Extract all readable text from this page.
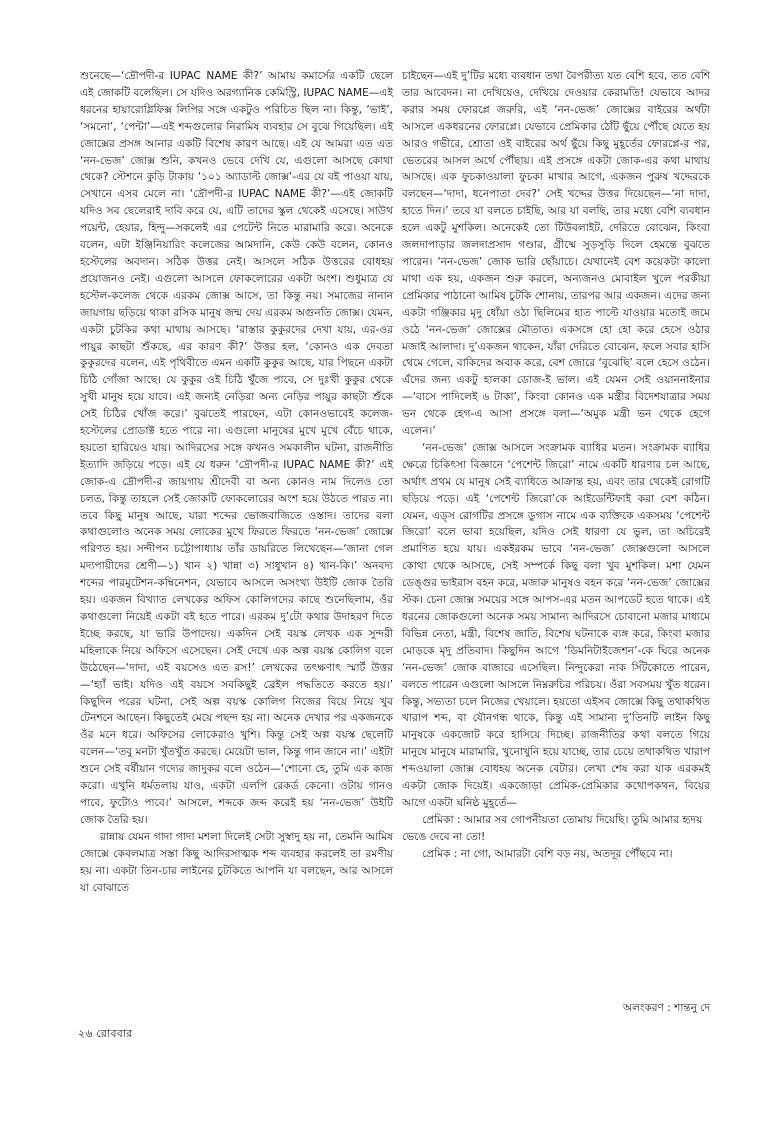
শুনেছে—‘দ্রৌপদী-র IUPAC NAME কী?’ আমায় কমার্সের একটি ছেলে এই জোকটি বলেছিল। সে যদিও অরগ্যানিক কেমিস্ট্রি, IUPAC NAME—এই ধরনের হায়ারোগ্লিফিক্স লিপির সঙ্গে একটুও পরিচিত ছিল না। কিন্তু, ‘ভাই’, ‘সমনো’, ‘পেন্টা’—এই শব্দগুলোর নিরামিষ ব্যবহার সে বুঝে গিয়েছিল। এই জোক্সের প্রসঙ্গ আনার একটি বিশেষ কারণ আছে। এই যে আমরা এত এত ‘নন-ভেজ’ জোক্স শুনি, কখনও ভেবে দেখি যে, এগুলো আসছে কোথা থেকে? স্টেশনে কুড়ি টাকায় ‘১০১ অ্যাডাল্ট জোক্স’-এর যে বই পাওয়া যায়, সেখানে এসব মেলে না। ‘দ্রৌপদী-র IUPAC NAME কী?’—এই জোকটি যদিও সব ছেলেরাই দাবি করে যে, এটি তাদের স্কুল থেকেই এসেছে। সাউথ পয়েন্ট, হেয়ার, হিন্দু—সকলেই এর পেটেন্ট নিতে মারামারি করে। অনেকে বলেন, এটা ইঞ্জিনিয়ারিং কলেজের আমদানি, কেউ কেউ বলেন, কোনও হস্টেলের অবদান। সঠিক উত্তর নেই। আসলে সঠিক উত্তরের বোধহয় প্রয়োজনও নেই। এগুলো আসলে ফোকলোরের একটা অংশ। শুধুমাত্র যে হস্টেল-কলেজ থেকে এরকম জোক্স আসে, তা কিন্তু নয়। সমাজের নানান জায়গায় ছড়িয়ে থাকা রসিক মানুষ জন্ম দেয় এরকম অগুনতি জোক্স। যেমন, একটা চুটকির কথা মাথায় আসছে। ‘রাস্তার কুকুরদের দেখা যায়, এর-ওর পায়ুর কাছটা শুঁকছে, এর কারণ কী?’ উত্তর হল, ‘কোনও এক দেবতা কুকুরদের বলেন, এই পৃথিবীতে এমন একটি কুকুর আছে, যার পিছনে একটা চিঠি গোঁজা আছে। যে কুকুর ওই চিঠি খুঁজে পাবে, সে দুঃখী কুকুর থেকে সুখী মানুষ হয়ে যাবে। এই জন্যই নেড়িরা অন্য নেড়ির পায়ুর কাছটা শুঁকে সেই চিঠির খোঁজ করে।’ বুঝতেই পারছেন, এটা কোনওভাবেই কলেজ-হস্টেলের প্রোডাক্ট হতে পারে না। এগুলো মানুষের মুখে মুখে বেঁচে থাকে, হয়তো হারিয়েও যায়। আদিরসের সঙ্গে কখনও সমকালীন ঘটনা, রাজনীতি ইত্যাদি জড়িয়ে পড়ে। এই যে ধরুন ‘দ্রৌপদী-র IUPAC NAME কী?’ এই জোক-এ দ্রৌপদী-র জায়গায় শ্রীদেবী বা অন্য কোনও নাম দিলেও তো চলত, কিন্তু তাহলে সেই জোকটি ফোকলোরের অংশ হয়ে উঠতে পারত না। তবে কিছু মানুষ আছে, যারা শব্দের ভোজবাজিতে ওস্তাদ। তাদের বলা কথাগুলোও অনেক সময় লোকের মুখে ফিরতে ফিরতে ‘নন-ভেজ’ জোক্সে পরিণত হয়। সন্দীপন চট্টোপাধ্যায় তাঁর ডায়রিতে লিখেছেন—‘জানা গেল মদ্যপায়ীদের শ্রেণী—১) খান ২) খান্না ৩) সাধুখান ৪) খান-কি।’ অনবদ্য শব্দের পারমুটেশন-কম্বিনেশন, যেভাবে আসলে অসংখ্য উইটি জোক তৈরি হয়। একজন বিখ্যাত লেখকের অফিস কোলিগদের কাছে শুনেছিলাম, ওঁর কথাগুলো নিয়েই একটা বই হতে পারে। এরকম দু’টো কথার উদাহরণ দিতে ইচ্ছে করছে, যা ভারি উপাদেয়। একদিন সেই বয়স্ক লেখক এক সুন্দরী মহিলাকে নিয়ে অফিসে এসেছেন। সেই দেখে এক অল্প বয়স্ক কোলিগ বলে উঠেছেন—‘দাদা, এই বয়সেও এত রস!’ লেখকের তৎক্ষণাৎ স্মার্ট উত্তর—‘হ্যাঁ ভাই। যদিও এই বয়সে সবকিছুই ব্রেইল পদ্ধতিতে করতে হয়।’ কিছুদিন পরের ঘটনা, সেই অল্প বয়স্ক কোলিগ নিজের বিয়ে নিয়ে খুব টেনশনে আছেন। কিছুতেই মেয়ে পছন্দ হয় না। অনেক দেখার পর একজনকে ওঁর মনে ধরে। অফিসের লোকেরাও খুশি। কিন্তু সেই অল্প বয়স্ক ছেলেটি বলেন—‘তবু মনটা খুঁতখুঁত করছে। মেয়েটা ভাল, কিন্তু গান জানে না।’ এইটা শুনে সেই বর্ষীয়ান গদ্যের জাদুকর বলে ওঠেন—‘শোনো হে, তুমি এক কাজ করো। এখুনি ধর্মতলায় যাও, একটা এলপি রেকর্ড কেনো। ওটায় গানও পাবে, ফুটোও পাবে।’ আসলে, শব্দকে জব্দ করেই হয় ‘নন-ভেজ’ উইটি জোক তৈরি হয়।

রান্নায় যেমন গাদা গাদা মশলা দিলেই সেটা সুস্বাদু হয় না, তেমনি আমিষ জোক্সে কেবলমাত্র সস্তা কিছু আদিরসাত্মক শব্দ ব্যবহার করলেই তা রমণীয় হয় না। একটা তিন-চার লাইনের চুটকিতে আপনি যা বলছেন, আর আসলে যা বোঝাতে

চাইছেন—এই দু’টির মধ্যে ব্যবধান তথা বৈপরীত্য যত বেশি হবে, তত বেশি তার আবেদন। না দেখিয়েও, দেখিয়ে দেওয়ার কেরামতি! যেভাবে আদর করার সময় ফোরপ্লে জরুরি, এই ‘নন-ভেজ’ জোক্সের বাইরের অর্থটা আসলে একধরনের ফোরপ্লে। যেভাবে প্রেমিকার ঠোঁট ছুঁয়ে পৌঁছে যেতে হয় আরও গভীরে, শ্রোতা ওই বাইরের অর্থ ছুঁয়ে কিছু মুহূর্তের ফোরপ্লে-র পর, ভেতরের আসল অর্থে পৌঁছায়। এই প্রসঙ্গে একটা জোক-এর কথা মাথায় আসছে। এক ফুচকাওয়ালা ফুচকা মাখার আগে, একজন পুরুষ খদ্দেরকে বলছেন—‘দাদা, ধনেপাতা দেব?’ সেই খদ্দের উত্তর দিয়েছেন—‘না দাদা, হাতে দিন।’ তবে যা বলতে চাইছি, আর যা বলছি, তার মধ্যে বেশি ব্যবধান হলে একটু মুশকিল। অনেকেই তো টিউবলাইট, দেরিতে বোঝেন, কিংবা জলদাপাড়ার জলদাপ্রসাদ গণ্ডার, গ্রীষ্মে সুড়সুড়ি দিলে হেমন্তে বুঝতে পারেন। ‘নন-ভেজ’ জোক ভারি ছোঁয়াচে। যেখানেই বেশ কয়েকটা কালো মাথা এক হয়, একজন শুরু করলে, অন্যজনও মোবাইল খুলে পরকীয়া প্রেমিকার পাঠানো আমিষ চুটকি শোনায়, তারপর আর একজন। এদের জন্য একটা গঞ্জিকার মৃদু ধোঁয়া ওঠা ছিলিমের হাত পাল্টে যাওয়ার মতোই জমে ওঠে ‘নন-ভেজ’ জোক্সের মৌতাত। একসঙ্গে হো হো করে হেসে ওঠার মজাই আলাদা। দু’একজন থাকেন, যাঁরা দেরিতে বোঝেন, ফলে সবার হাসি থেমে গেলে, বাকিদের অবাক করে, বেশ জোরে ‘বুঝেছি’ বলে হেসে ওঠেন। এঁদের জন্য একটু হালকা ডোজ-ই ভাল। এই যেমন সেই ওয়াননাইনার—‘বাসে পাদিলেই ৬ টাকা’, কিংবা কোনও এক মন্ত্রীর বিদেশযাত্রার সময় ভন থেকে হেগ-এ আসা প্রসঙ্গে বলা—‘অমুক মন্ত্রী ভন থেকে হেগে এলেন।’

‘নন-ভেজ’ জোক্স আসলে সংক্রামক ব্যাধির মতন। সংক্রামক ব্যাধির ক্ষেত্রে চিকিৎসা বিজ্ঞানে ‘পেশেন্ট জিরো’ নামে একটি ধারণার চল আছে, অর্থাৎ প্রথম যে মানুষ সেই ব্যাধিতে আক্রান্ত হয়, এবং তার থেকেই রোগটি ছড়িয়ে পড়ে। এই ‘পেশেন্ট জিরো’কে আইডেন্টিফাই করা বেশ কঠিন। যেমন, এড্‌স রোগটির প্রসঙ্গে ডুগাস নামে এক ব্যক্তিকে একসময় ‘পেশেন্ট জিরো’ বলে ভাবা হয়েছিল, যদিও সেই ধারণা যে ভুল, তা অচিরেই প্রমাণিত হয়ে যায়। একইরকম ভাবে ‘নন-ভেজ’ জোক্সগুলো আসলে কোথা থেকে আসছে, সেই সম্পর্কে কিছু বলা খুব মুশকিল। মশা যেমন ডেঙ্গুর ভাইরাস বহন করে, মজারু মানুষও বহন করে ‘নন-ভেজ’ জোক্সের স্টক। চেনা জোক্স সময়ের সঙ্গে আপস-এর মতন আপডেট হতে থাকে। এই ধরনের জোকগুলো অনেক সময় সামান্য আদিরসে চোবানো মজার মাধ্যমে বিভিন্ন নেতা, মন্ত্রী, বিশেষ জাতি, বিশেষ ঘটনাকে ব্যঙ্গ করে, কিংবা মজার মোড়কে মৃদু প্রতিবাদ। কিছুদিন আগে ‘ডিমনিটাইজেশন’-কে ঘিরে অনেক ‘নন-ভেজ’ জোক বাজারে এসেছিল। নিন্দুকেরা নাক সিঁটকোতে পারেন, বলতে পারেন এগুলো আসলে নিম্নরুচির পরিচয়। ওঁরা সবসময় খুঁত ধরেন। কিন্তু, সভ্যতা চলে নিজের খেয়ালে। হয়তো এইসব জোক্সে কিছু তথাকথিত খারাপ শব্দ, বা যৌনগন্ধ থাকে, কিন্তু এই সামান্য দু’তিনটি লাইন কিছু মানুষকে একজোট করে হাসিয়ে দিচ্ছে। রাজনীতির কথা বলতে গিয়ে মানুষে মানুষে মারামারি, খুনোখুনি হয়ে যাচ্ছে, তার চেয়ে তথাকথিত খারাপ শব্দওয়ালা জোক্স বোধহয় অনেক বেটার। লেখা শেষ করা যাক এরকমই একটা জোক দিয়েই। একজোড়া প্রেমিক-প্রেমিকার কথোপকথন, বিয়ের আগে একটা ঘনিষ্ঠ মুহূর্তে—

প্রেমিকা : আমার সব গোপনীয়তা তোমায় দিয়েছি। তুমি আমার হৃদয় ভেঙে দেবে না তো!

প্রেমিক : না গো, আমারটা বেশি বড় নয়, অতদূর পৌঁছবে না।

অলংকরণ : শান্তনু দে
২৬ রোববার
